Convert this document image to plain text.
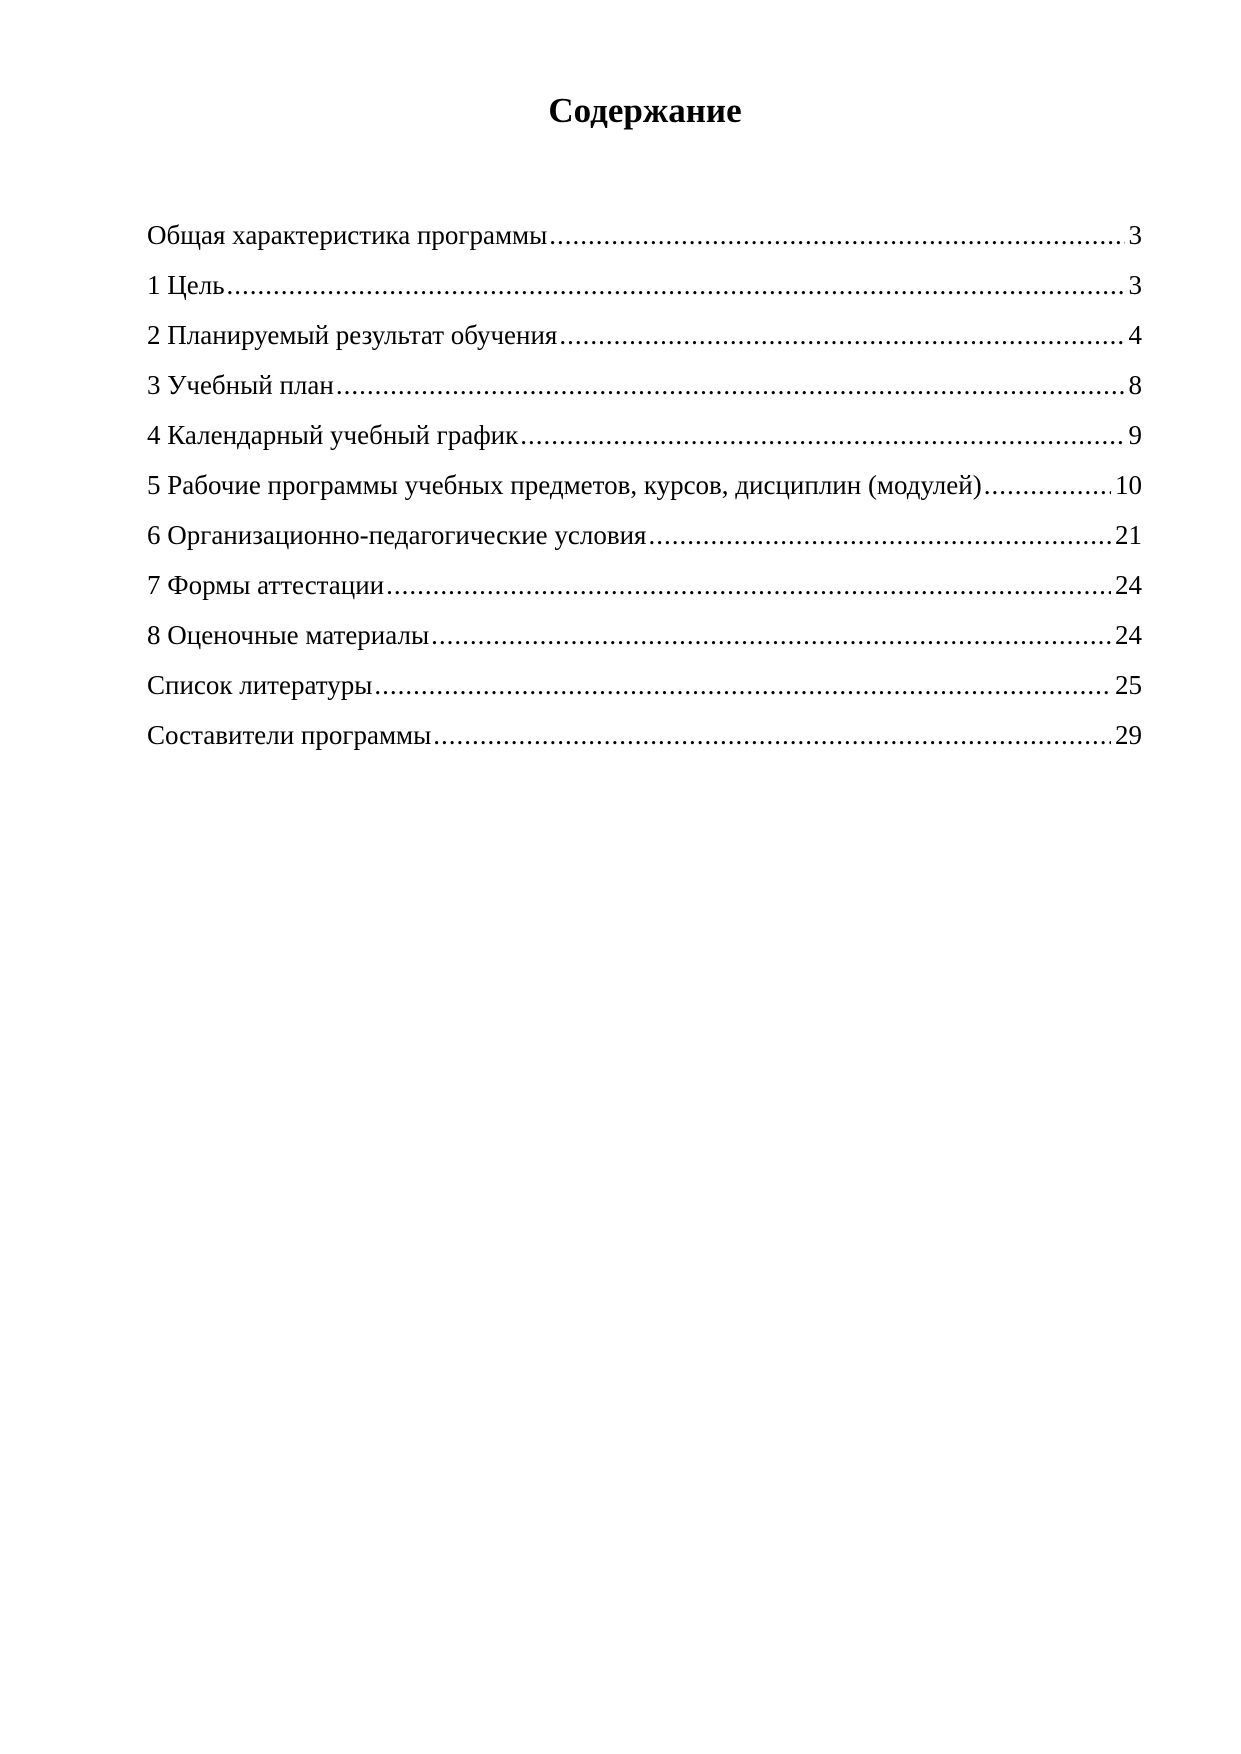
Содержание
Общая характеристика программы .....	3
1 Цель .....	3
2 Планируемый результат обучения .....	4
3 Учебный план .....	8
4 Календарный учебный график .....	9
5 Рабочие программы учебных предметов, курсов, дисциплин (модулей) .....	10
6 Организационно-педагогические условия .....	21
7 Формы аттестации .....	24
8 Оценочные материалы .....	24
Список литературы .....	25
Составители программы .....	29
